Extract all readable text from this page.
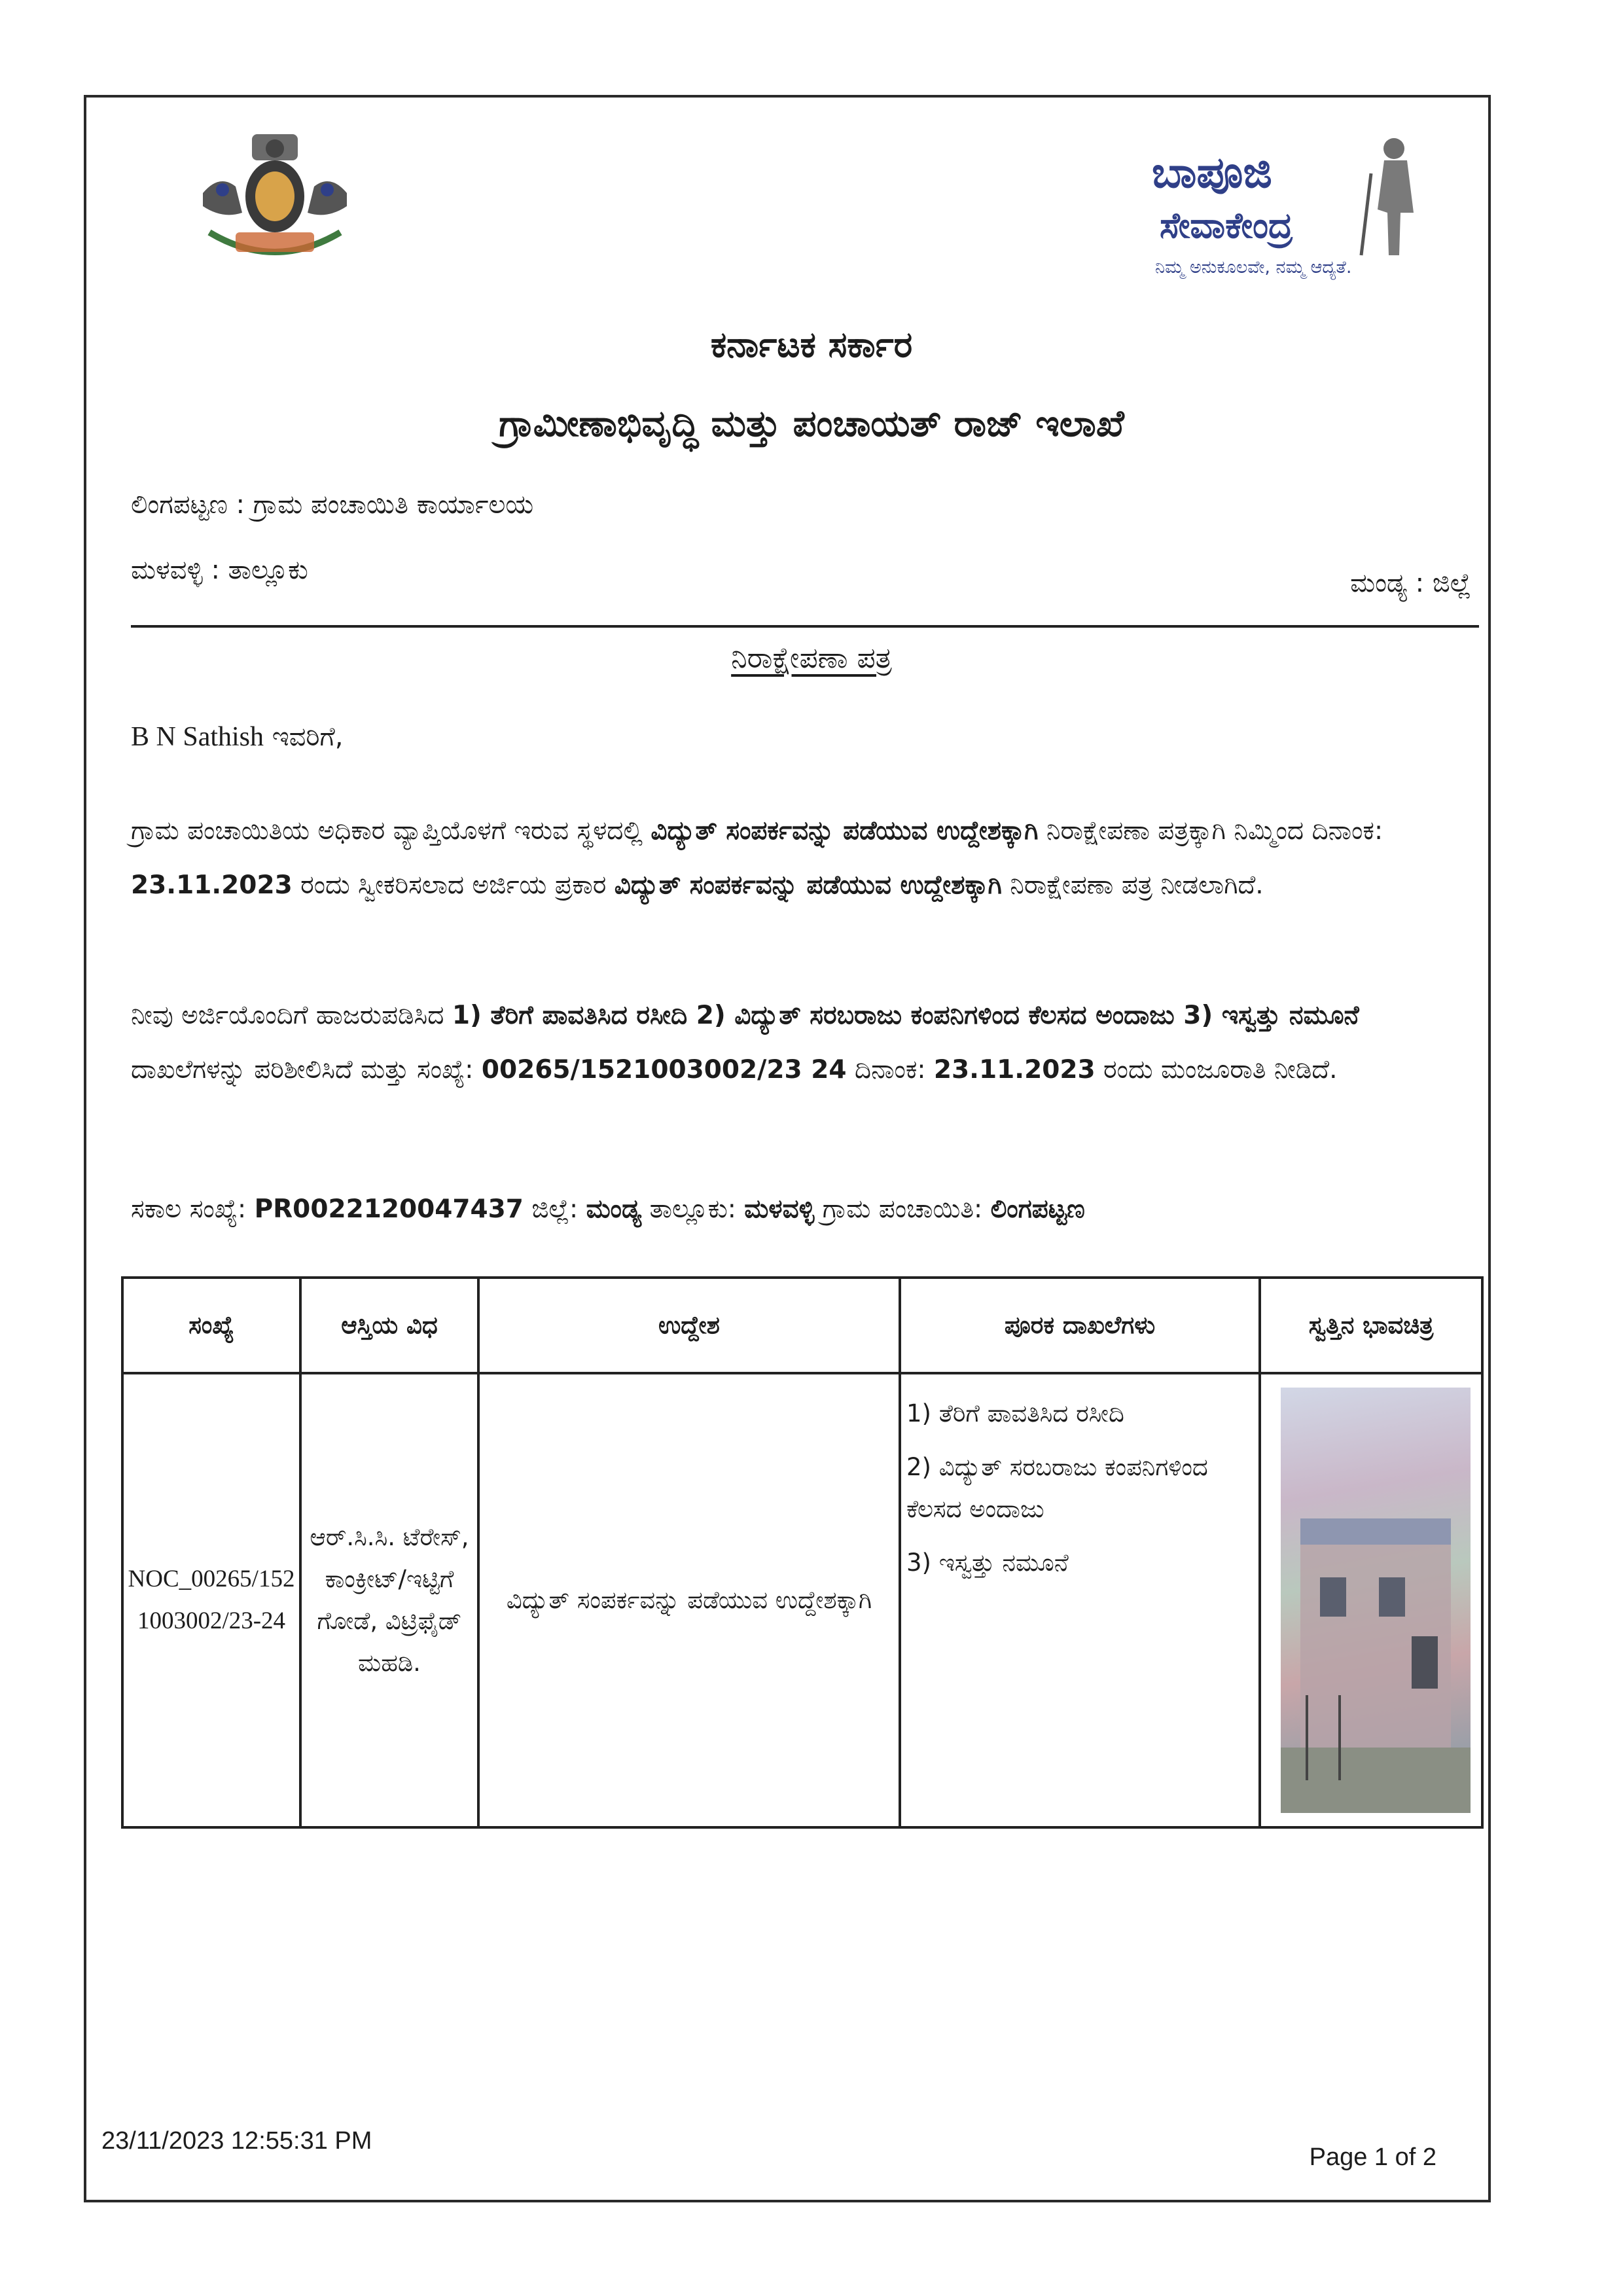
ಬಾಪೂಜಿ
ಸೇವಾಕೇಂದ್ರ
ನಿಮ್ಮ ಅನುಕೂಲವೇ, ನಮ್ಮ ಆದ್ಯತೆ.
ಕರ್ನಾಟಕ ಸರ್ಕಾರ
ಗ್ರಾಮೀಣಾಭಿವೃದ್ಧಿ ಮತ್ತು ಪಂಚಾಯತ್ ರಾಜ್ ಇಲಾಖೆ
ಲಿಂಗಪಟ್ಟಣ : ಗ್ರಾಮ ಪಂಚಾಯಿತಿ ಕಾರ್ಯಾಲಯ
ಮಳವಳ್ಳಿ : ತಾಲ್ಲೂಕು	ಮಂಡ್ಯ : ಜಿಲ್ಲೆ
ನಿರಾಕ್ಷೇಪಣಾ ಪತ್ರ
B N Sathish ಇವರಿಗೆ,
ಗ್ರಾಮ ಪಂಚಾಯಿತಿಯ ಅಧಿಕಾರ ವ್ಯಾಪ್ತಿಯೊಳಗೆ ಇರುವ ಸ್ಥಳದಲ್ಲಿ ವಿದ್ಯುತ್ ಸಂಪರ್ಕವನ್ನು ಪಡೆಯುವ ಉದ್ದೇಶಕ್ಕಾಗಿ ನಿರಾಕ್ಷೇಪಣಾ ಪತ್ರಕ್ಕಾಗಿ ನಿಮ್ಮಿಂದ ದಿನಾಂಕ: 23.11.2023 ರಂದು ಸ್ವೀಕರಿಸಲಾದ ಅರ್ಜಿಯ ಪ್ರಕಾರ ವಿದ್ಯುತ್ ಸಂಪರ್ಕವನ್ನು ಪಡೆಯುವ ಉದ್ದೇಶಕ್ಕಾಗಿ ನಿರಾಕ್ಷೇಪಣಾ ಪತ್ರ ನೀಡಲಾಗಿದೆ.
ನೀವು ಅರ್ಜಿಯೊಂದಿಗೆ ಹಾಜರುಪಡಿಸಿದ 1) ತೆರಿಗೆ ಪಾವತಿಸಿದ ರಸೀದಿ 2) ವಿದ್ಯುತ್ ಸರಬರಾಜು ಕಂಪನಿಗಳಿಂದ ಕೆಲಸದ ಅಂದಾಜು 3) ಇಸ್ವತ್ತು ನಮೂನೆ ದಾಖಲೆಗಳನ್ನು ಪರಿಶೀಲಿಸಿದೆ ಮತ್ತು ಸಂಖ್ಯೆ: 00265/1521003002/23 24 ದಿನಾಂಕ: 23.11.2023 ರಂದು ಮಂಜೂರಾತಿ ನೀಡಿದೆ.
ಸಕಾಲ ಸಂಖ್ಯೆ: PR0022120047437 ಜಿಲ್ಲೆ: ಮಂಡ್ಯ ತಾಲ್ಲೂಕು: ಮಳವಳ್ಳಿ ಗ್ರಾಮ ಪಂಚಾಯಿತಿ: ಲಿಂಗಪಟ್ಟಣ
ಸಂಖ್ಯೆ	ಆಸ್ತಿಯ ವಿಧ	ಉದ್ದೇಶ	ಪೂರಕ ದಾಖಲೆಗಳು	ಸ್ವತ್ತಿನ ಭಾವಚಿತ್ರ
NOC_00265/1521003002/23-24	ಆರ್.ಸಿ.ಸಿ. ಟೆರೇಸ್, ಕಾಂಕ್ರೀಟ್/ಇಟ್ಟಿಗೆ ಗೋಡೆ, ವಿಟ್ರಿಫೈಡ್ ಮಹಡಿ.	ವಿದ್ಯುತ್ ಸಂಪರ್ಕವನ್ನು ಪಡೆಯುವ ಉದ್ದೇಶಕ್ಕಾಗಿ	1) ತೆರಿಗೆ ಪಾವತಿಸಿದ ರಸೀದಿ
2) ವಿದ್ಯುತ್ ಸರಬರಾಜು ಕಂಪನಿಗಳಿಂದ ಕೆಲಸದ ಅಂದಾಜು
3) ಇಸ್ವತ್ತು ನಮೂನೆ

23/11/2023 12:55:31 PM
Page 1 of 2
